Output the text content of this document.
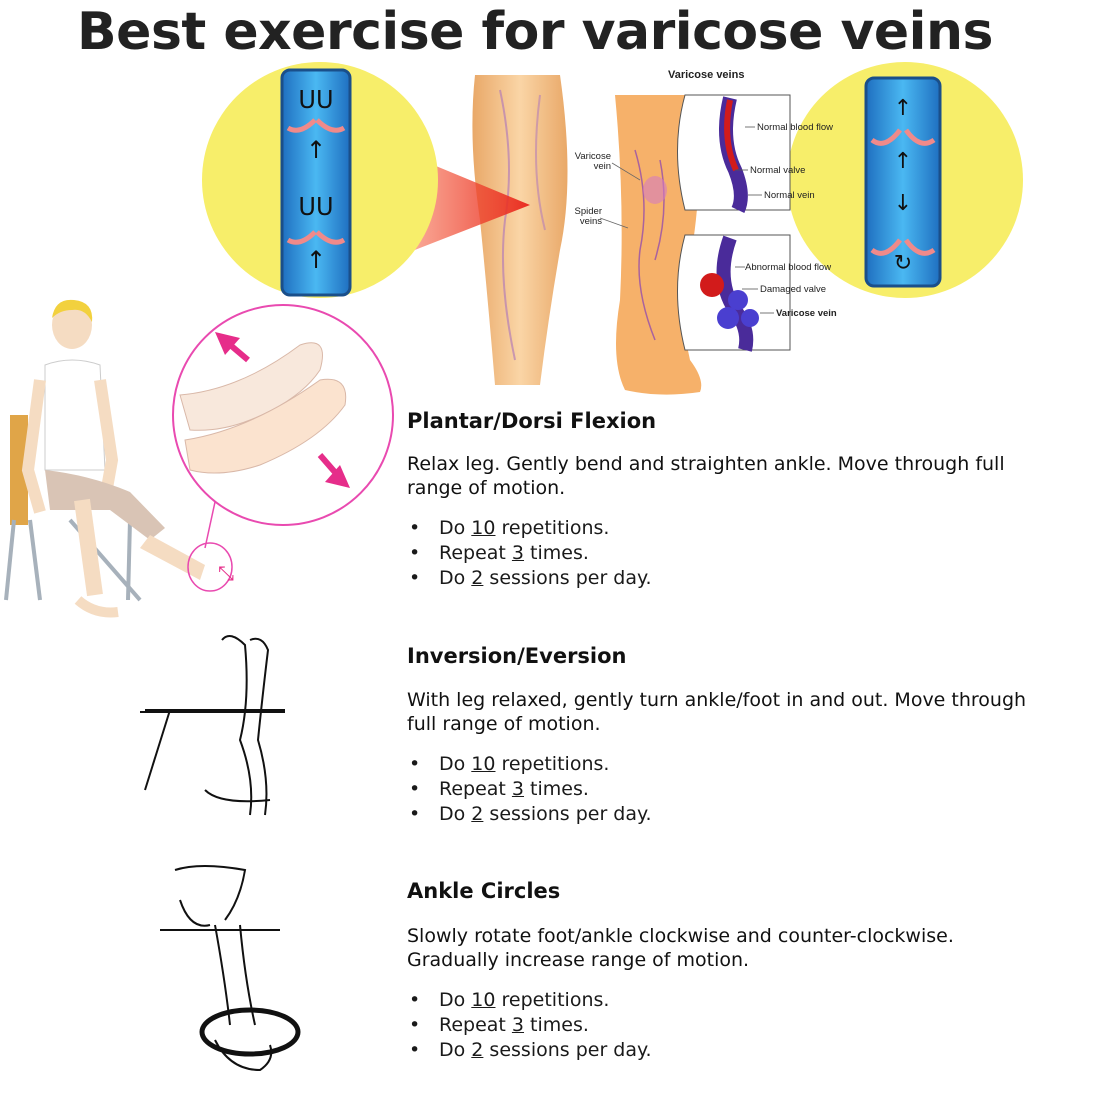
Best exercise for varicose veins
ᑌᑌ
ᑌᑌ
↑
↑
↑
↑
↓
↻
⤡
Varicose veins
Varicose vein
Spider veins
Normal blood flow
Normal valve
Normal vein
Abnormal blood flow
Damaged valve
Varicose vein
Plantar/Dorsi Flexion
Relax leg. Gently bend and straighten ankle. Move through full range of motion.
• Do 10 repetitions.
• Repeat 3 times.
• Do 2 sessions per day.
Inversion/Eversion
With leg relaxed, gently turn ankle/foot in and out. Move through full range of motion.
• Do 10 repetitions.
• Repeat 3 times.
• Do 2 sessions per day.
Ankle Circles
Slowly rotate foot/ankle clockwise and counter-clockwise. Gradually increase range of motion.
• Do 10 repetitions.
• Repeat 3 times.
• Do 2 sessions per day.
